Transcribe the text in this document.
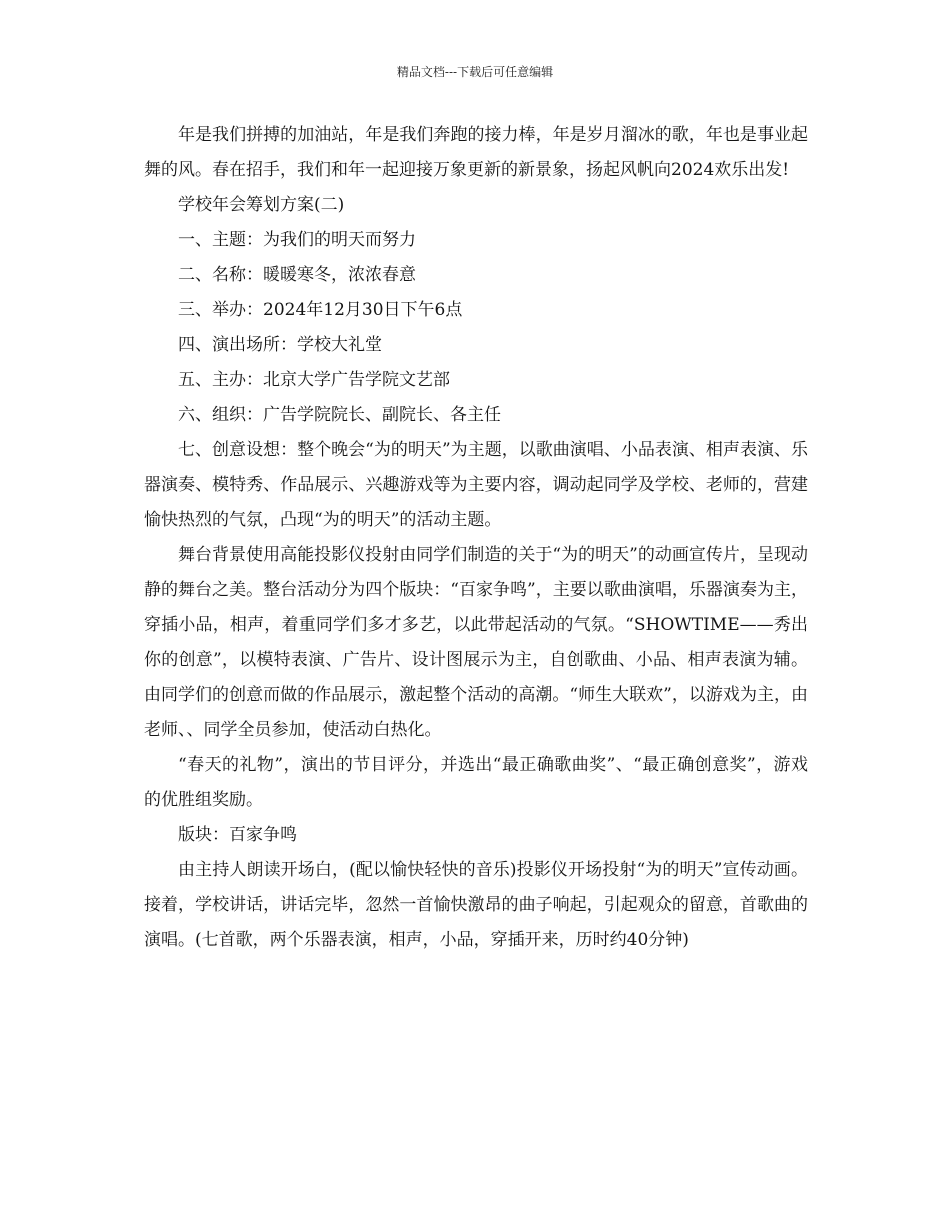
精品文档---下载后可任意编辑

年是我们拼搏的加油站，年是我们奔跑的接力棒，年是岁月溜冰的歌，年也是事业起舞的风。春在招手，我们和年一起迎接万象更新的新景象，扬起风帆向2024欢乐出发!

学校年会筹划方案(二)

一、主题：为我们的明天而努力

二、名称：暖暖寒冬，浓浓春意

三、举办：2024年12月30日下午6点

四、演出场所：学校大礼堂

五、主办：北京大学广告学院文艺部

六、组织：广告学院院长、副院长、各主任

七、创意设想：整个晚会“为的明天”为主题，以歌曲演唱、小品表演、相声表演、乐器演奏、模特秀、作品展示、兴趣游戏等为主要内容，调动起同学及学校、老师的，营建愉快热烈的气氛，凸现“为的明天”的活动主题。

舞台背景使用高能投影仪投射由同学们制造的关于“为的明天”的动画宣传片，呈现动静的舞台之美。整台活动分为四个版块：“百家争鸣”，主要以歌曲演唱，乐器演奏为主，穿插小品，相声，着重同学们多才多艺，以此带起活动的气氛。“SHOWTIME——秀出你的创意”，以模特表演、广告片、设计图展示为主，自创歌曲、小品、相声表演为辅。由同学们的创意而做的作品展示，激起整个活动的高潮。“师生大联欢”，以游戏为主，由老师、、同学全员参加，使活动白热化。

“春天的礼物”，演出的节目评分，并选出“最正确歌曲奖”、“最正确创意奖”，游戏的优胜组奖励。

版块：百家争鸣

由主持人朗读开场白，(配以愉快轻快的音乐)投影仪开场投射“为的明天”宣传动画。接着，学校讲话，讲话完毕，忽然一首愉快激昂的曲子响起，引起观众的留意，首歌曲的演唱。(七首歌，两个乐器表演，相声，小品，穿插开来，历时约40分钟)
